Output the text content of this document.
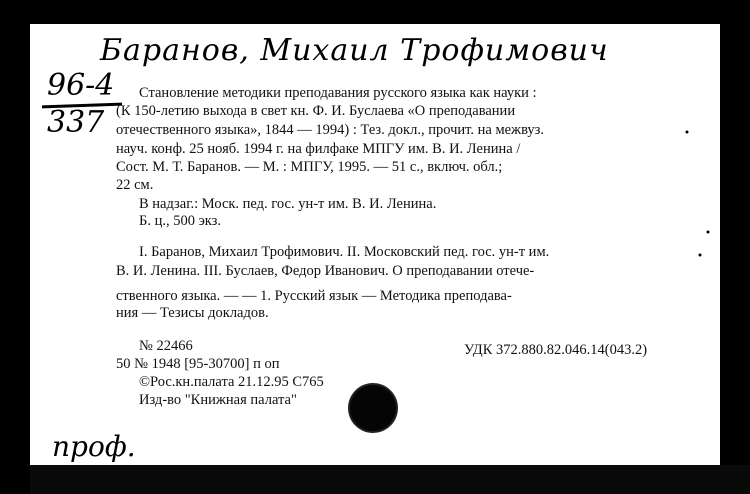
Баранов, Михаил Трофимович
96-4
337
Становление методики преподавания русского языка как науки :
(К 150-летию выхода в свет кн. Ф. И. Буслаева «О преподавании
отечественного языка», 1844 — 1994) : Тез. докл., прочит. на межвуз.
науч. конф. 25 нояб. 1994 г. на филфаке МПГУ им. В. И. Ленина /
Сост. М. Т. Баранов. — М. : МПГУ, 1995. — 51 с., включ. обл.;
22 см.
В надзаг.: Моск. пед. гос. ун-т им. В. И. Ленина.
Б. ц., 500 экз.
I. Баранов, Михаил Трофимович. II. Московский пед. гос. ун-т им.
В. И. Ленина. III. Буслаев, Федор Иванович. О преподавании отече-
ственного языка. — — 1. Русский язык — Методика преподава-
ния — Тезисы докладов.
№ 22466
50 № 1948 [95-30700] п оп
©Рос.кн.палата 21.12.95 С765
Изд-во "Книжная палата"
УДК 372.880.82.046.14(043.2)
проф.
